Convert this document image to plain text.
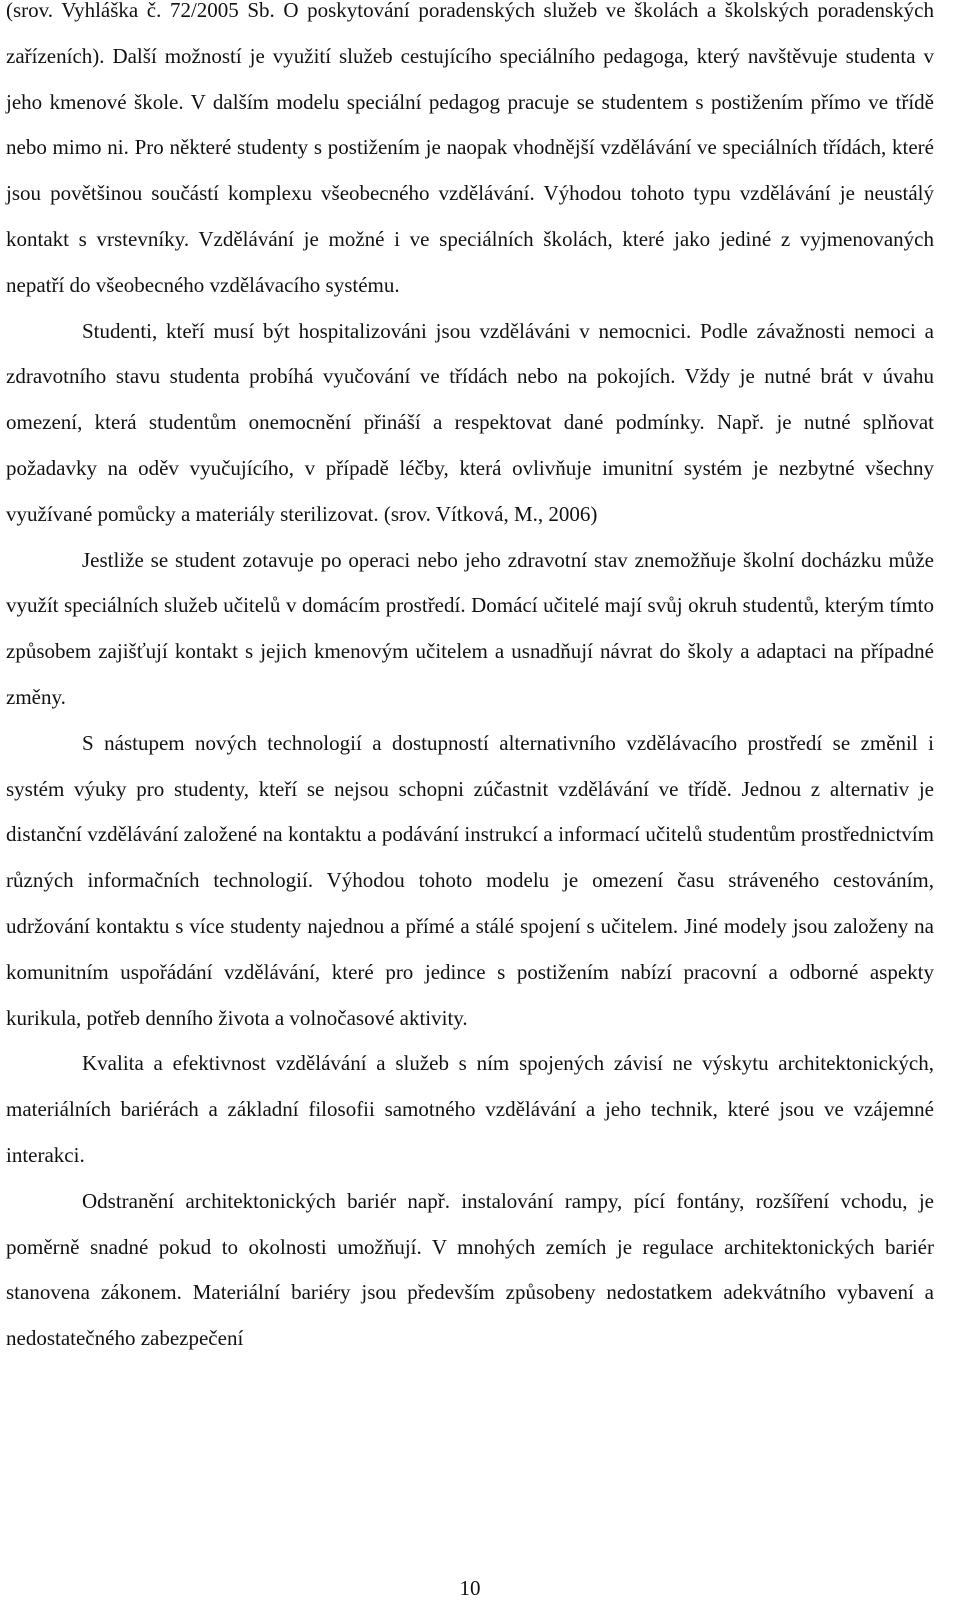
(srov. Vyhláška č. 72/2005 Sb. O poskytování poradenských služeb ve školách a školských poradenských zařízeních). Další možností je využití služeb cestujícího speciálního pedagoga, který navštěvuje studenta v jeho kmenové škole. V dalším modelu speciální pedagog pracuje se studentem s postižením přímo ve třídě nebo mimo ni. Pro některé studenty s postižením je naopak vhodnější vzdělávání ve speciálních třídách, které jsou povětšinou součástí komplexu všeobecného vzdělávání. Výhodou tohoto typu vzdělávání je neustálý kontakt s vrstevníky. Vzdělávání je možné i ve speciálních školách, které jako jediné z vyjmenovaných nepatří do všeobecného vzdělávacího systému.

Studenti, kteří musí být hospitalizováni jsou vzděláváni v nemocnici. Podle závažnosti nemoci a zdravotního stavu studenta probíhá vyučování ve třídách nebo na pokojích. Vždy je nutné brát v úvahu omezení, která studentům onemocnění přináší a respektovat dané podmínky. Např. je nutné splňovat požadavky na oděv vyučujícího, v případě léčby, která ovlivňuje imunitní systém je nezbytné všechny využívané pomůcky a materiály sterilizovat. (srov. Vítková, M., 2006)

Jestliže se student zotavuje po operaci nebo jeho zdravotní stav znemožňuje školní docházku může využít speciálních služeb učitelů v domácím prostředí. Domácí učitelé mají svůj okruh studentů, kterým tímto způsobem zajišťují kontakt s jejich kmenovým učitelem a usnadňují návrat do školy a adaptaci na případné změny.

S nástupem nových technologií a dostupností alternativního vzdělávacího prostředí se změnil i systém výuky pro studenty, kteří se nejsou schopni zúčastnit vzdělávání ve třídě. Jednou z alternativ je distanční vzdělávání založené na kontaktu a podávání instrukcí a informací učitelů studentům prostřednictvím různých informačních technologií. Výhodou tohoto modelu je omezení času stráveného cestováním, udržování kontaktu s více studenty najednou a přímé a stálé spojení s učitelem. Jiné modely jsou založeny na komunitním uspořádání vzdělávání, které pro jedince s postižením nabízí pracovní a odborné aspekty kurikula, potřeb denního života a volnočasové aktivity.

Kvalita a efektivnost vzdělávání a služeb s ním spojených závisí ne výskytu architektonických, materiálních bariérách a základní filosofii samotného vzdělávání a jeho technik, které jsou ve vzájemné interakci.

Odstranění architektonických bariér např. instalování rampy, pící fontány, rozšíření vchodu, je poměrně snadné pokud to okolnosti umožňují. V mnohých zemích je regulace architektonických bariér stanovena zákonem. Materiální bariéry jsou především způsobeny nedostatkem adekvátního vybavení a nedostatečného zabezpečení

10
